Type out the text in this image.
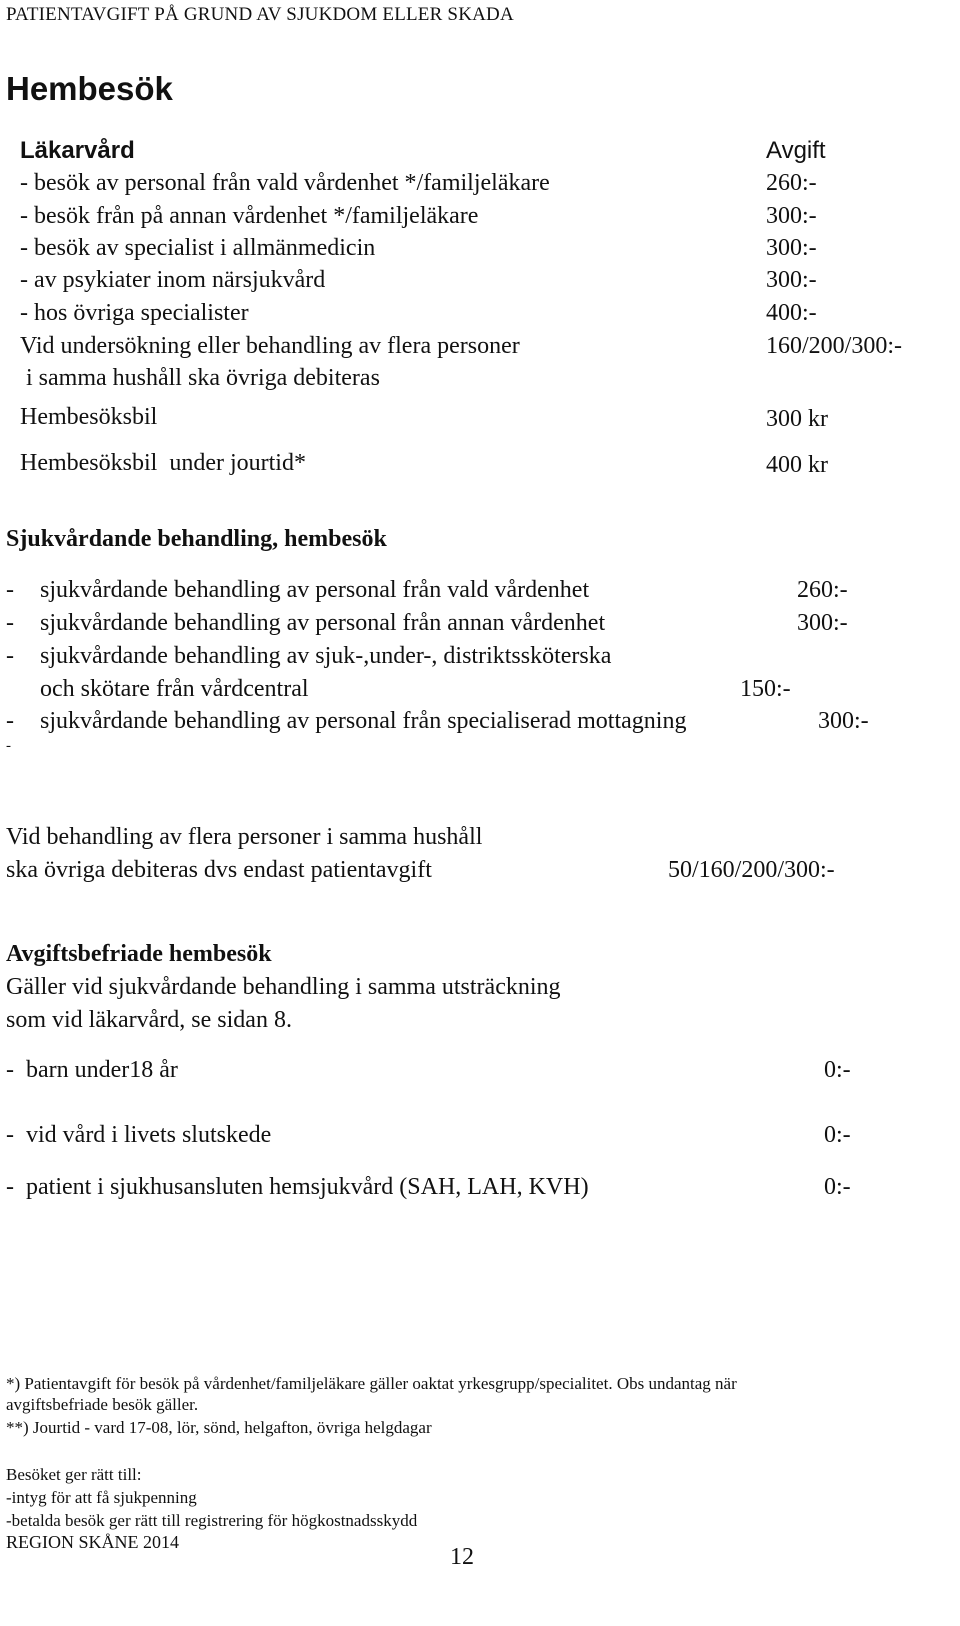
PATIENTAVGIFT PÅ GRUND AV SJUKDOM ELLER SKADA
Hembesök
Läkarvård	Avgift
- besök av personal från vald vårdenhet */familjeläkare	260:-
- besök från på annan vårdenhet */familjeläkare	300:-
- besök av specialist i allmänmedicin	300:-
- av psykiater inom närsjukvård	300:-
- hos övriga specialister	400:-
Vid undersökning eller behandling av flera personer	160/200/300:-
i samma hushåll ska övriga debiteras
Hembesöksbil	300 kr
Hembesöksbil  under jourtid*	400 kr
Sjukvårdande behandling, hembesök
- sjukvårdande behandling av personal från vald vårdenhet	260:-
- sjukvårdande behandling av personal från annan vårdenhet	300:-
- sjukvårdande behandling av sjuk-,under-, distriktssköterska
och skötare från vårdcentral	150:-
- sjukvårdande behandling av personal från specialiserad mottagning	300:-
-
Vid behandling av flera personer i samma hushåll
ska övriga debiteras dvs endast patientavgift	50/160/200/300:-
Avgiftsbefriade hembesök
Gäller vid sjukvårdande behandling i samma utsträckning
som vid läkarvård, se sidan 8.
-  barn under18 år	0:-
-  vid vård i livets slutskede	0:-
-  patient i sjukhusansluten hemsjukvård (SAH, LAH, KVH)	0:-
*) Patientavgift för besök på vårdenhet/familjeläkare gäller oaktat yrkesgrupp/specialitet. Obs undantag när
avgiftsbefriade besök gäller.
**) Jourtid - vard 17-08, lör, sönd, helgafton, övriga helgdagar
Besöket ger rätt till:
-intyg för att få sjukpenning
-betalda besök ger rätt till registrering för högkostnadsskydd
REGION SKÅNE 2014
12
